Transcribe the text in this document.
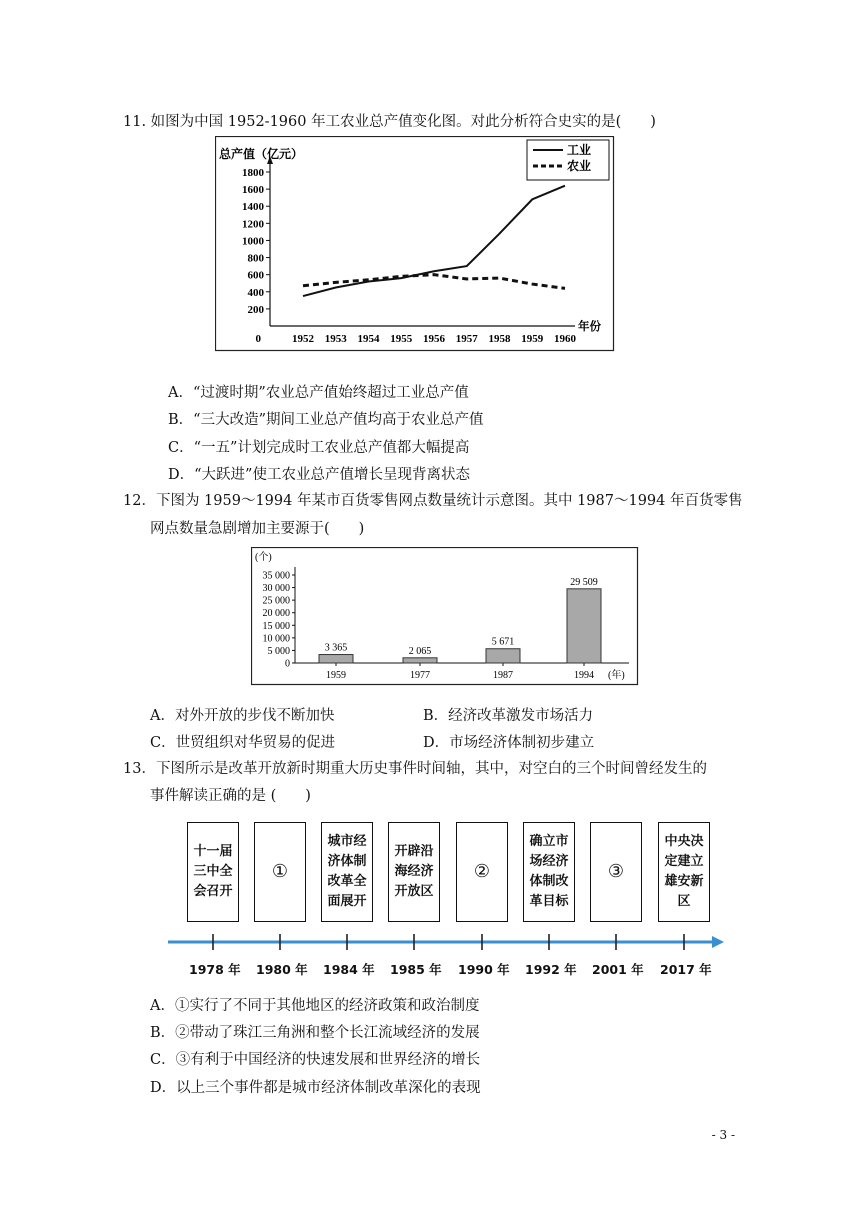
11. 如图为中国 1952-1960 年工农业总产值变化图。对此分析符合史实的是(　　)
总产值（亿元）
0
年份
200
400
600
800
1000
1200
1400
1600
1800
1952 1953 1954 1955 1956 1957 1958 1959 1960
工业
农业
A．“过渡时期”农业总产值始终超过工业总产值
B．“三大改造”期间工业总产值均高于农业总产值
C．“一五”计划完成时工农业总产值都大幅提高
D．“大跃进”使工农业总产值增长呈现背离状态
12．下图为 1959～1994 年某市百货零售网点数量统计示意图。其中 1987～1994 年百货零售
网点数量急剧增加主要源于(　　)
(个)
0
5 000
10 000
15 000
20 000
25 000
30 000
35 000
3 365
1959
2 065
1977
5 671
1987
29 509
1994 (年)
A．对外开放的步伐不断加快	B．经济改革激发市场活力
C．世贸组织对华贸易的促进	D．市场经济体制初步建立
13．下图所示是改革开放新时期重大历史事件时间轴，其中，对空白的三个时间曾经发生的
事件解读正确的是 (　　)
十一届三中全会召开
①
城市经济体制改革全面展开
开辟沿海经济开放区
②
确立市场经济体制改革目标
③
中央决定建立雄安新区
1978 年 1980 年 1984 年 1985 年 1990 年 1992 年 2001 年 2017 年
A．①实行了不同于其他地区的经济政策和政治制度
B．②带动了珠江三角洲和整个长江流域经济的发展
C．③有利于中国经济的快速发展和世界经济的增长
D．以上三个事件都是城市经济体制改革深化的表现
- 3 -
